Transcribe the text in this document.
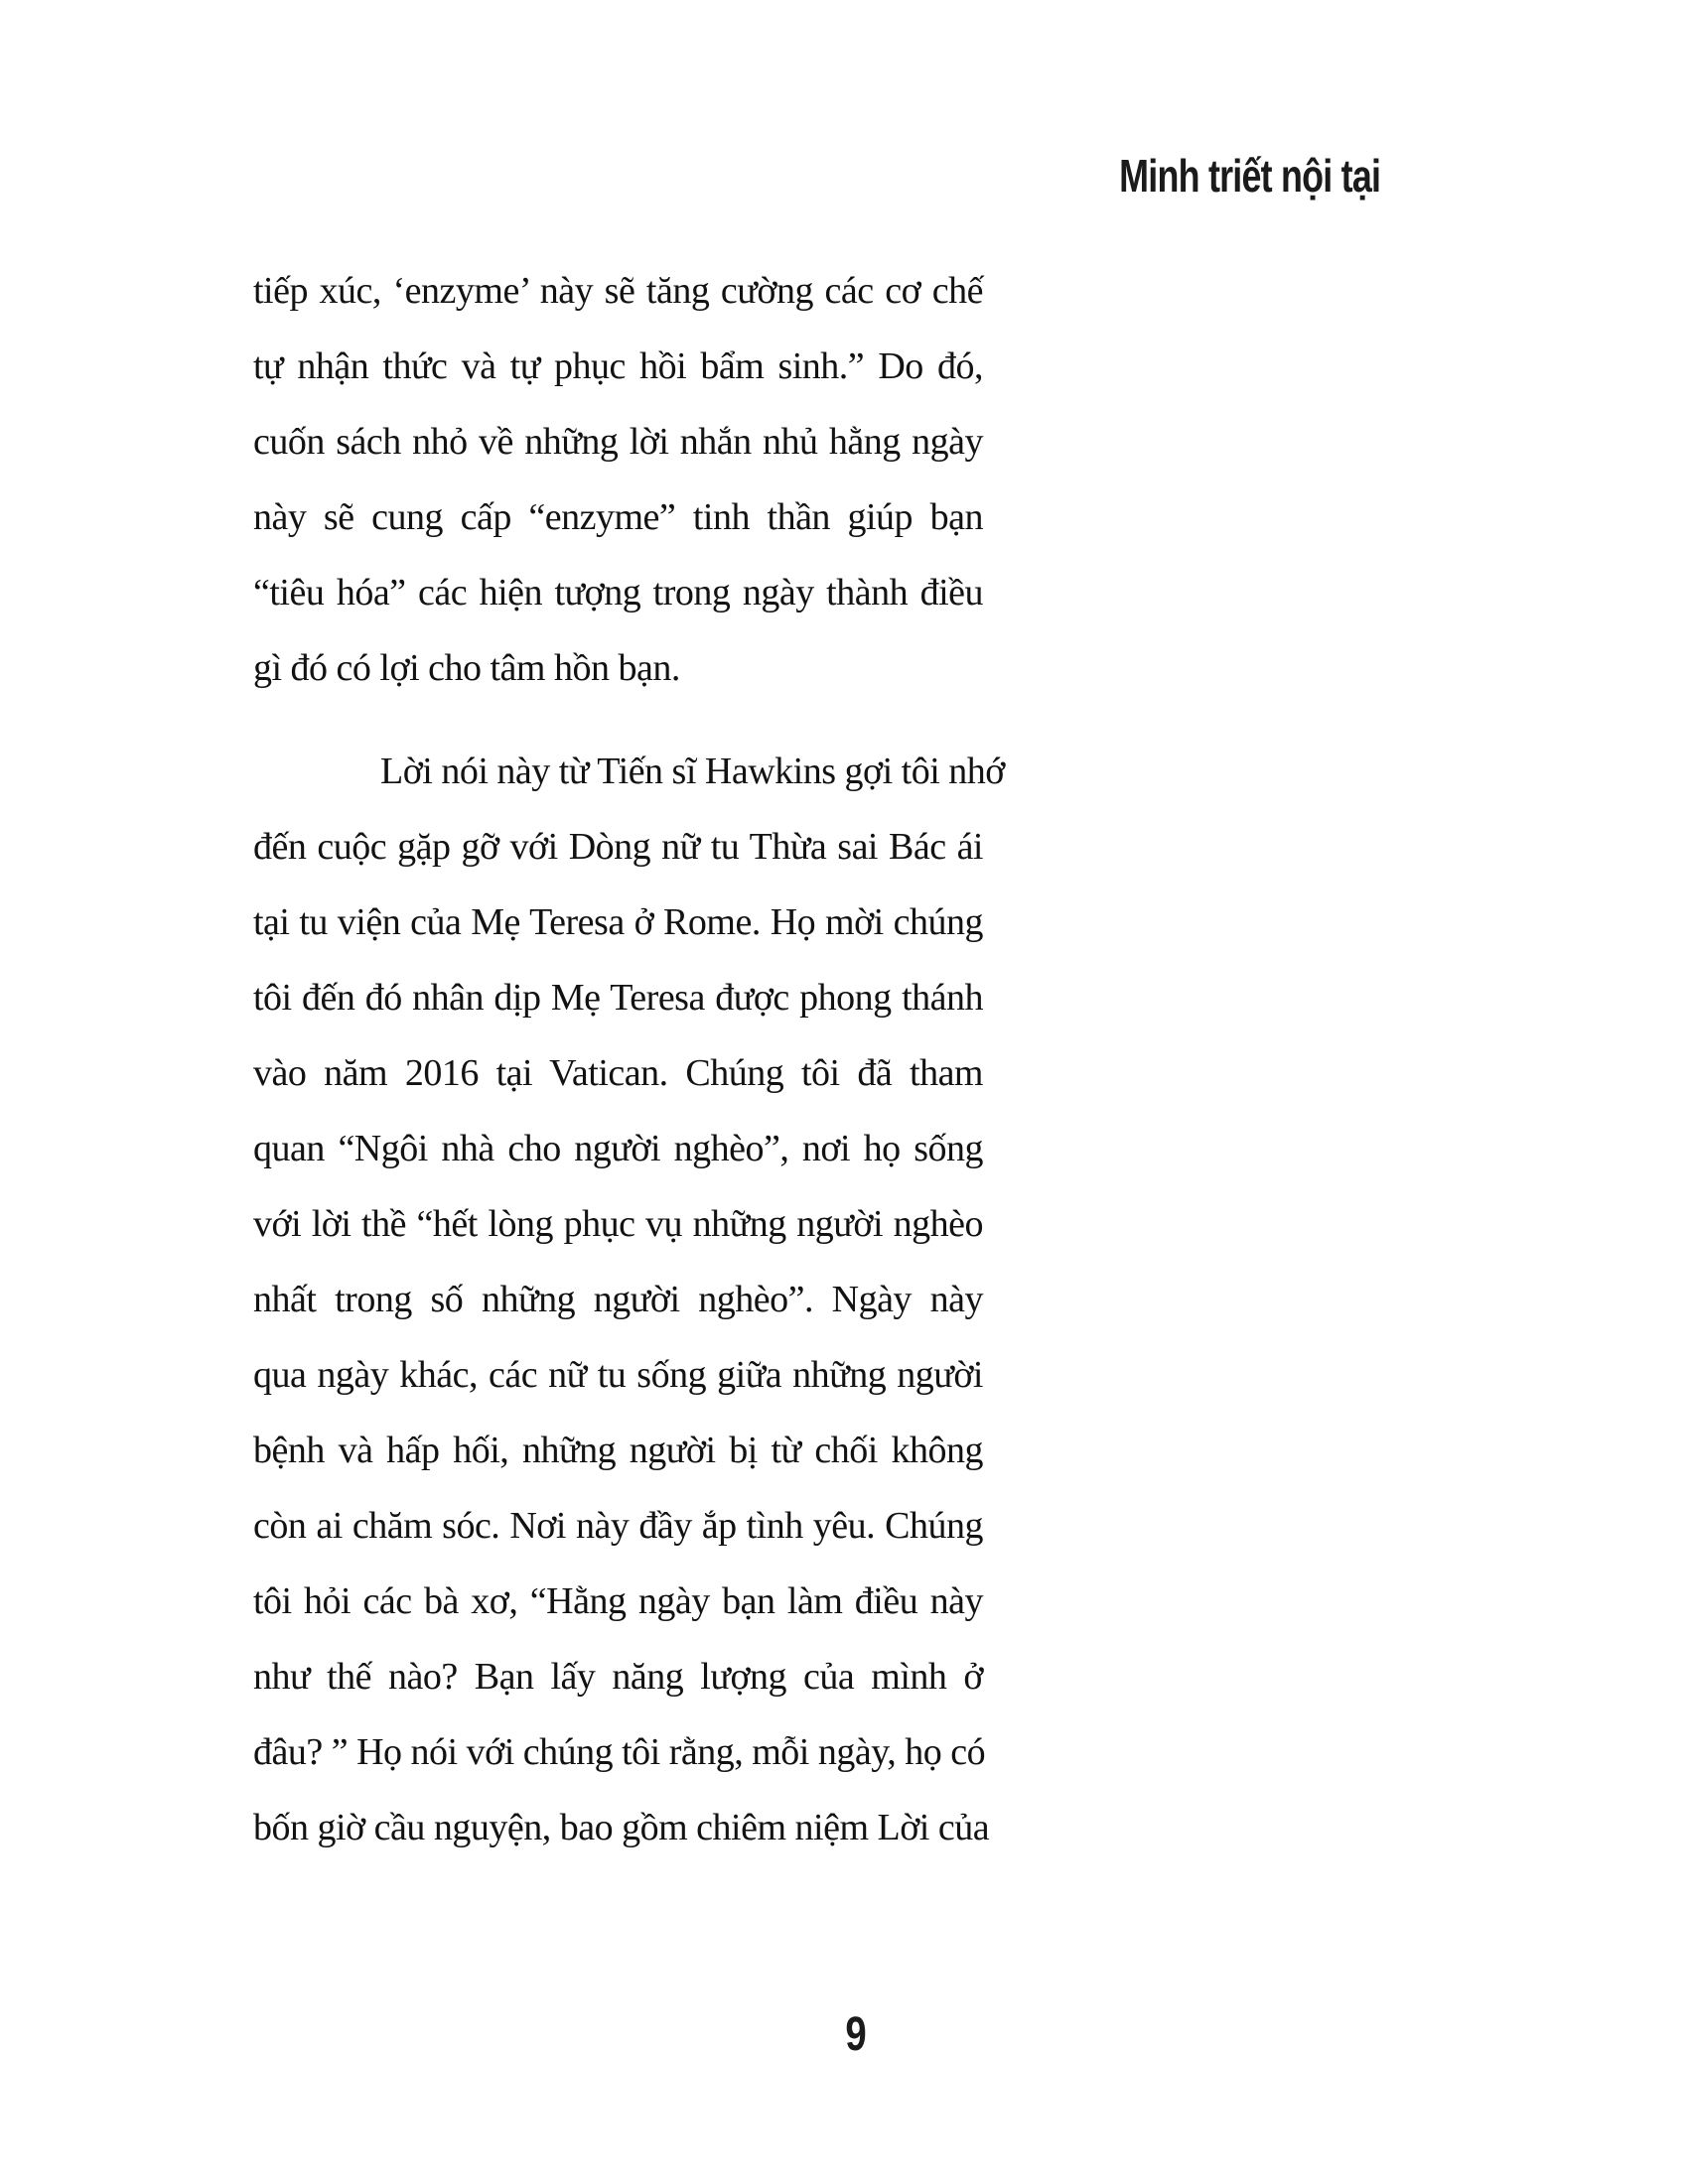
Minh triết nội tại
tiếp xúc, ‘enzyme’ này sẽ tăng cường các cơ chế
tự nhận thức và tự phục hồi bẩm sinh.” Do đó,
cuốn sách nhỏ về những lời nhắn nhủ hằng ngày
này sẽ cung cấp “enzyme” tinh thần giúp bạn
“tiêu hóa” các hiện tượng trong ngày thành điều
gì đó có lợi cho tâm hồn bạn.
Lời nói này từ Tiến sĩ Hawkins gợi tôi nhớ
đến cuộc gặp gỡ với Dòng nữ tu Thừa sai Bác ái
tại tu viện của Mẹ Teresa ở Rome. Họ mời chúng
tôi đến đó nhân dịp Mẹ Teresa được phong thánh
vào năm 2016 tại Vatican. Chúng tôi đã tham
quan “Ngôi nhà cho người nghèo”, nơi họ sống
với lời thề “hết lòng phục vụ những người nghèo
nhất trong số những người nghèo”. Ngày này
qua ngày khác, các nữ tu sống giữa những người
bệnh và hấp hối, những người bị từ chối không
còn ai chăm sóc. Nơi này đầy ắp tình yêu. Chúng
tôi hỏi các bà xơ, “Hằng ngày bạn làm điều này
như thế nào? Bạn lấy năng lượng của mình ở
đâu? ” Họ nói với chúng tôi rằng, mỗi ngày, họ có
bốn giờ cầu nguyện, bao gồm chiêm niệm Lời của
9
